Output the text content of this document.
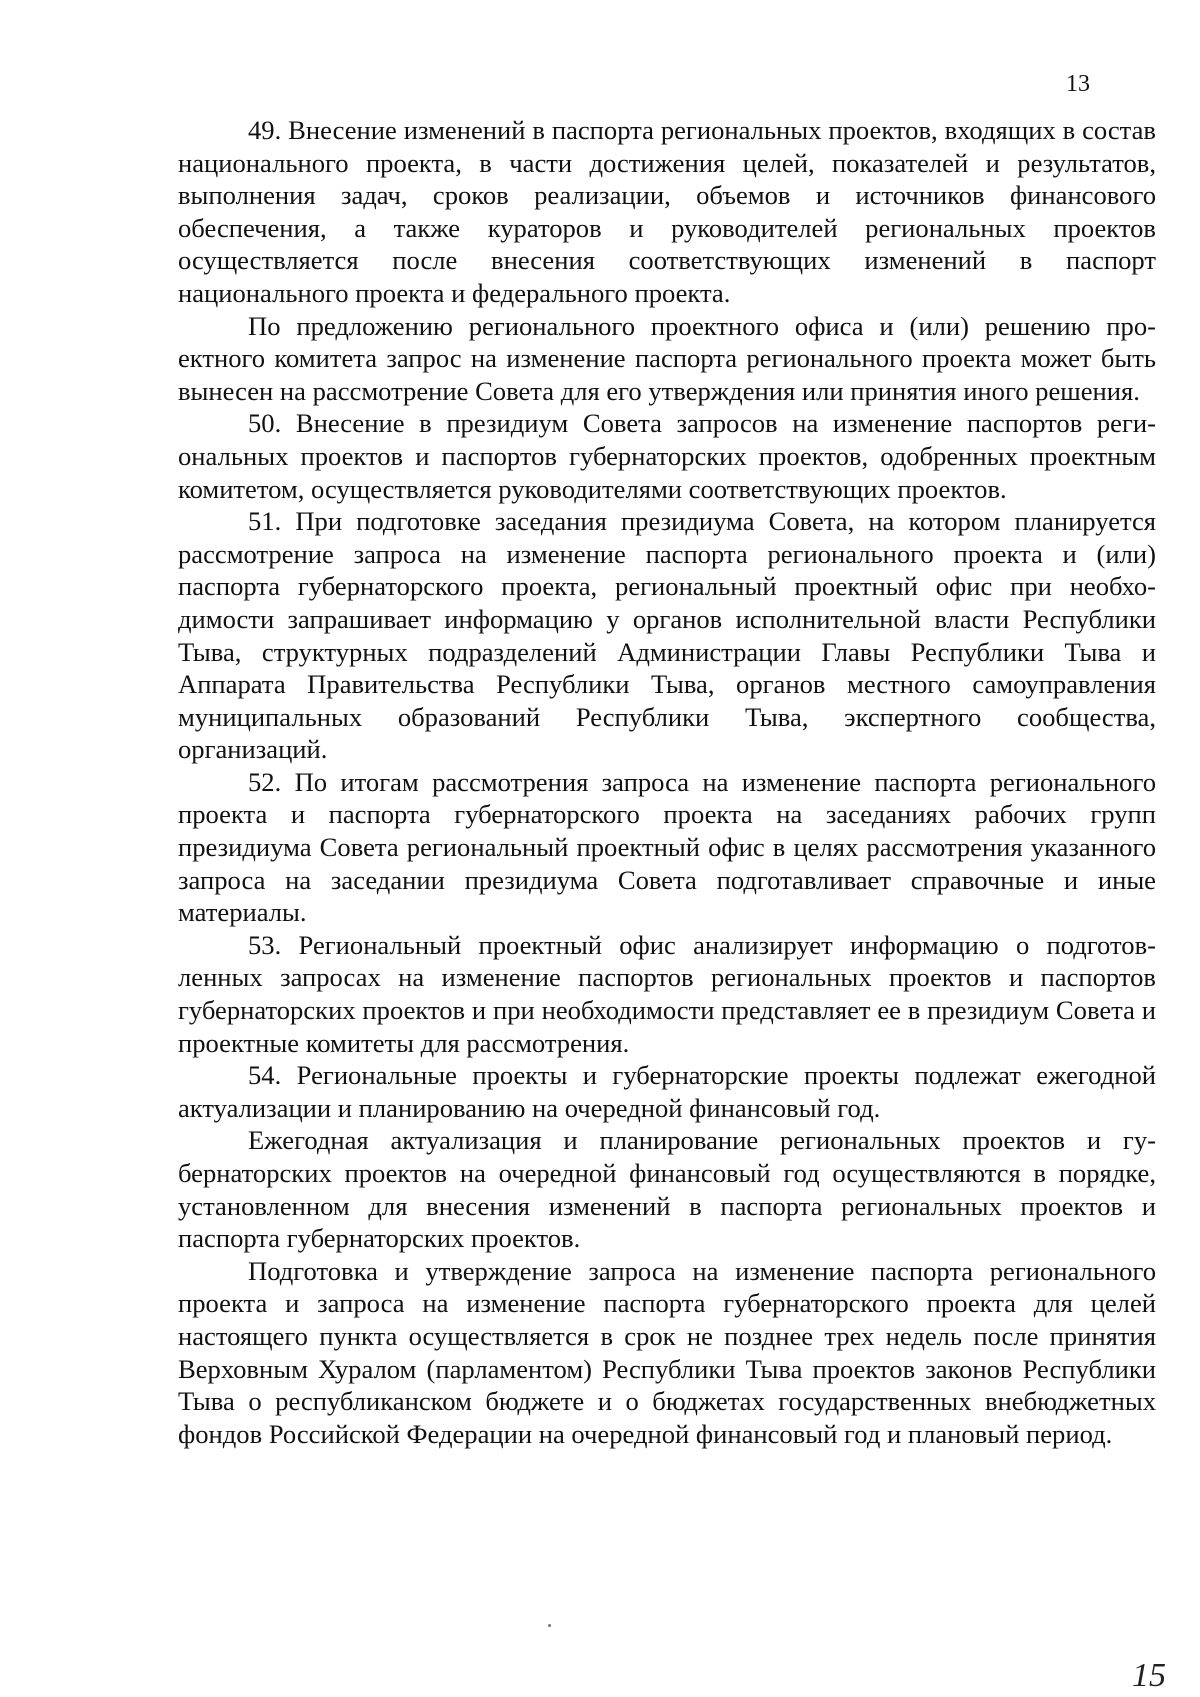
13

49. Внесение изменений в паспорта региональных проектов, входящих в состав национального проекта, в части достижения целей, показателей и результатов, выполнения задач, сроков реализации, объемов и источников финансового обеспечения, а также кураторов и руководителей региональных проектов осуществляется после внесения соответствующих изменений в паспорт национального проекта и федерального проекта.

По предложению регионального проектного офиса и (или) решению проектного комитета запрос на изменение паспорта регионального проекта может быть вынесен на рассмотрение Совета для его утверждения или принятия иного решения.

50. Внесение в президиум Совета запросов на изменение паспортов региональных проектов и паспортов губернаторских проектов, одобренных проектным комитетом, осуществляется руководителями соответствующих проектов.

51. При подготовке заседания президиума Совета, на котором планируется рассмотрение запроса на изменение паспорта регионального проекта и (или) паспорта губернаторского проекта, региональный проектный офис при необходимости запрашивает информацию у органов исполнительной власти Республики Тыва, структурных подразделений Администрации Главы Республики Тыва и Аппарата Правительства Республики Тыва, органов местного самоуправления муниципальных образований Республики Тыва, экспертного сообщества, организаций.

52. По итогам рассмотрения запроса на изменение паспорта регионального проекта и паспорта губернаторского проекта на заседаниях рабочих групп президиума Совета региональный проектный офис в целях рассмотрения указанного запроса на заседании президиума Совета подготавливает справочные и иные материалы.

53. Региональный проектный офис анализирует информацию о подготовленных запросах на изменение паспортов региональных проектов и паспортов губернаторских проектов и при необходимости представляет ее в президиум Совета и проектные комитеты для рассмотрения.

54. Региональные проекты и губернаторские проекты подлежат ежегодной актуализации и планированию на очередной финансовый год.

Ежегодная актуализация и планирование региональных проектов и губернаторских проектов на очередной финансовый год осуществляются в порядке, установленном для внесения изменений в паспорта региональных проектов и паспорта губернаторских проектов.

Подготовка и утверждение запроса на изменение паспорта регионального проекта и запроса на изменение паспорта губернаторского проекта для целей настоящего пункта осуществляется в срок не позднее трех недель после принятия Верховным Хуралом (парламентом) Республики Тыва проектов законов Республики Тыва о республиканском бюджете и о бюджетах государственных внебюджетных фондов Российской Федерации на очередной финансовый год и плановый период.

15
